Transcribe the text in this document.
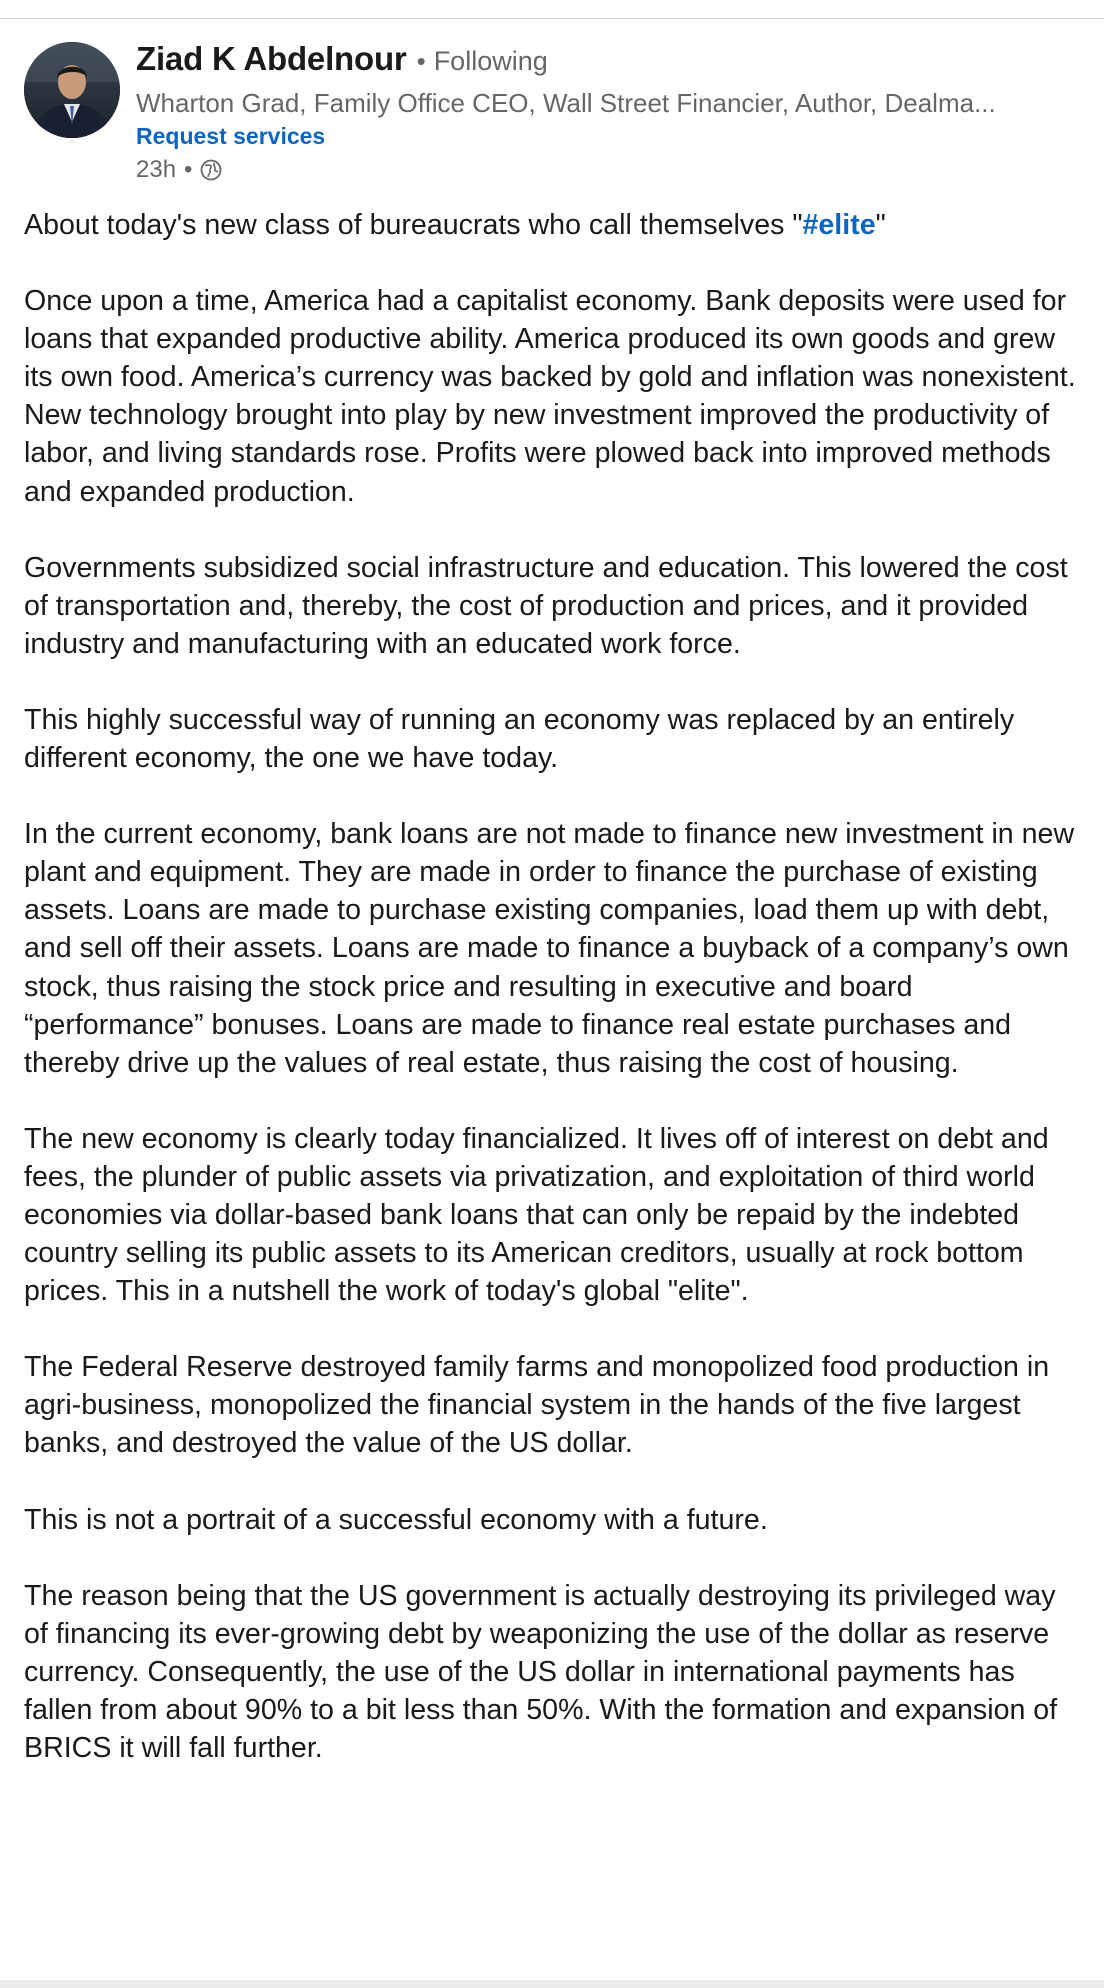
Ziad K Abdelnour • Following
Wharton Grad, Family Office CEO, Wall Street Financier, Author, Dealma...
Request services
23h •

About today's new class of bureaucrats who call themselves "#elite"

Once upon a time, America had a capitalist economy. Bank deposits were used for loans that expanded productive ability. America produced its own goods and grew its own food. America’s currency was backed by gold and inflation was nonexistent. New technology brought into play by new investment improved the productivity of labor, and living standards rose. Profits were plowed back into improved methods and expanded production.

Governments subsidized social infrastructure and education. This lowered the cost of transportation and, thereby, the cost of production and prices, and it provided industry and manufacturing with an educated work force.

This highly successful way of running an economy was replaced by an entirely different economy, the one we have today.

In the current economy, bank loans are not made to finance new investment in new plant and equipment. They are made in order to finance the purchase of existing assets. Loans are made to purchase existing companies, load them up with debt, and sell off their assets. Loans are made to finance a buyback of a company’s own stock, thus raising the stock price and resulting in executive and board “performance” bonuses. Loans are made to finance real estate purchases and thereby drive up the values of real estate, thus raising the cost of housing.

The new economy is clearly today financialized. It lives off of interest on debt and fees, the plunder of public assets via privatization, and exploitation of third world economies via dollar-based bank loans that can only be repaid by the indebted country selling its public assets to its American creditors, usually at rock bottom prices. This in a nutshell the work of today's global "elite".

The Federal Reserve destroyed family farms and monopolized food production in agri-business, monopolized the financial system in the hands of the five largest banks, and destroyed the value of the US dollar.

This is not a portrait of a successful economy with a future.

The reason being that the US government is actually destroying its privileged way of financing its ever-growing debt by weaponizing the use of the dollar as reserve currency. Consequently, the use of the US dollar in international payments has fallen from about 90% to a bit less than 50%. With the formation and expansion of BRICS it will fall further.
